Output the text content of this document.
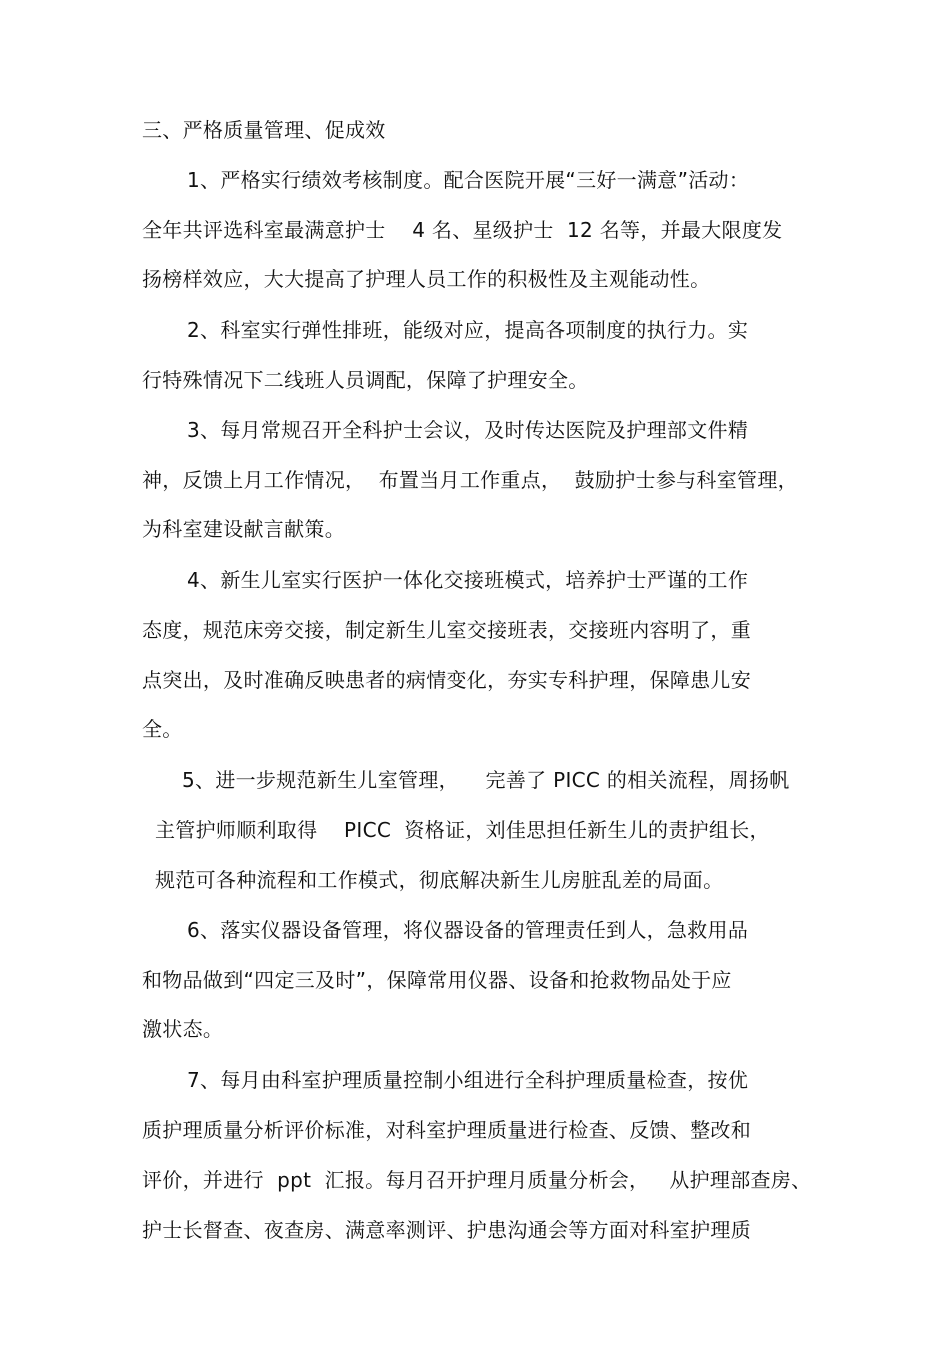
三、严格质量管理、促成效
1、严格实行绩效考核制度。配合医院开展“三好一满意”活动：
全年共评选科室最满意护士    4 名、星级护士  12 名等，并最大限度发
扬榜样效应，大大提高了护理人员工作的积极性及主观能动性。
2、科室实行弹性排班，能级对应，提高各项制度的执行力。实
行特殊情况下二线班人员调配，保障了护理安全。
3、每月常规召开全科护士会议，及时传达医院及护理部文件精
神，反馈上月工作情况，  布置当月工作重点，  鼓励护士参与科室管理，
为科室建设献言献策。
4、新生儿室实行医护一体化交接班模式，培养护士严谨的工作
态度，规范床旁交接，制定新生儿室交接班表，交接班内容明了，重
点突出，及时准确反映患者的病情变化，夯实专科护理，保障患儿安
全。
5、进一步规范新生儿室管理，    完善了 PICC 的相关流程，周扬帆
主管护师顺利取得    PICC  资格证，刘佳思担任新生儿的责护组长，
规范可各种流程和工作模式，彻底解决新生儿房脏乱差的局面。
6、落实仪器设备管理，将仪器设备的管理责任到人，急救用品
和物品做到“四定三及时”，保障常用仪器、设备和抢救物品处于应
激状态。
7、每月由科室护理质量控制小组进行全科护理质量检查，按优
质护理质量分析评价标准，对科室护理质量进行检查、反馈、整改和
评价，并进行  ppt  汇报。每月召开护理月质量分析会，   从护理部查房、
护士长督查、夜查房、满意率测评、护患沟通会等方面对科室护理质
